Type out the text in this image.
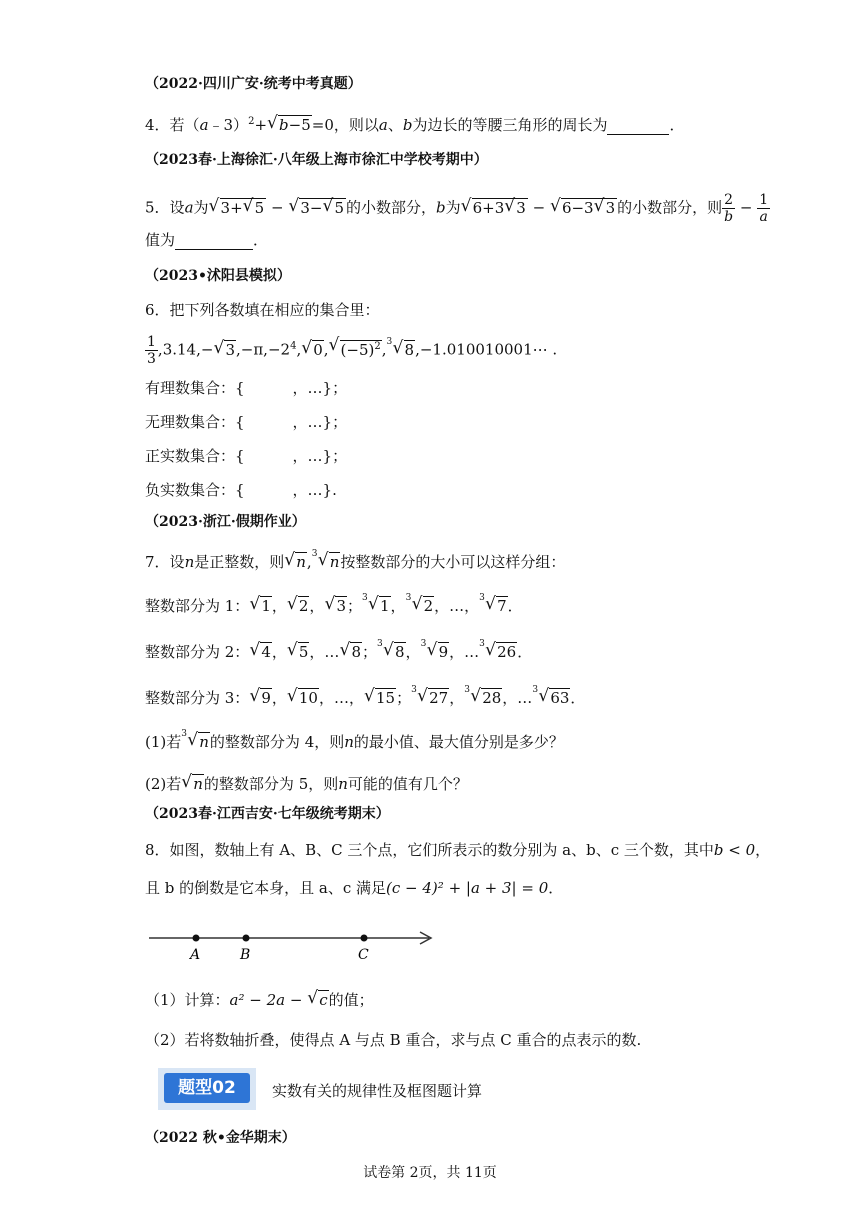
（2022·四川广安·统考中考真题）
4．若（a﹣3）$^2$+√ b−5=0，则以a、b为边长的等腰三角形的周长为	．
（2023春·上海徐汇·八年级上海市徐汇中学校考期中）
5．设a为√ 3+√ 5 − √ 3−√ 5 的小数部分，b为√ 6+3√ 3 − √ 6−3√ 3 的小数部分，则 $\frac{2}{b} - \frac{1}{a}$
值为	．
（2023•沭阳县模拟）
6．把下列各数填在相应的集合里：
$\frac{1}{3} ,3.14,-√$ $3,-\pi,-2^4,√$ 0,√ $(-5)^2$, 3
√ 8,−1.010010001⋯ .
有理数集合：{	，…}；
无理数集合：{	，…}；
正实数集合：{	，…}；
负实数集合：{	，…}.
（2023·浙江·假期作业）
7．设n是正整数，则√ n, 3
√ n按整数部分的大小可以这样分组：
整数部分为 1：√ 1，√ 2，√ 3； 3
√ 1， 3
√ 2，…， 3
√ 7．
整数部分为 2：√ 4，√ 5，…√ 8； 3
√ 8， 3
√ 9，… 3
√ 26．
整数部分为 3：√ 9，√ 10，…，√ 15； 3
√ 27， 3
√ 28，… 3
√ 63．
(1)若 3
√ n的整数部分为 4，则n的最小值、最大值分别是多少？
(2)若√ n的整数部分为 5，则n可能的值有几个？
（2023春·江西吉安·七年级统考期末）
8．如图，数轴上有 A、B、C 三个点，它们所表示的数分别为 a、b、c 三个数，其中b < 0，
且 b 的倒数是它本身，且 a、c 满足(c − 4)² + |a + 3| = 0．
A	B	C
（1）计算：a² − 2a − √ c的值；
（2）若将数轴折叠，使得点 A 与点 B 重合，求与点 C 重合的点表示的数.
题型02	实数有关的规律性及框图题计算
（2022 秋•金华期末）
试卷第 2页，共 11页
